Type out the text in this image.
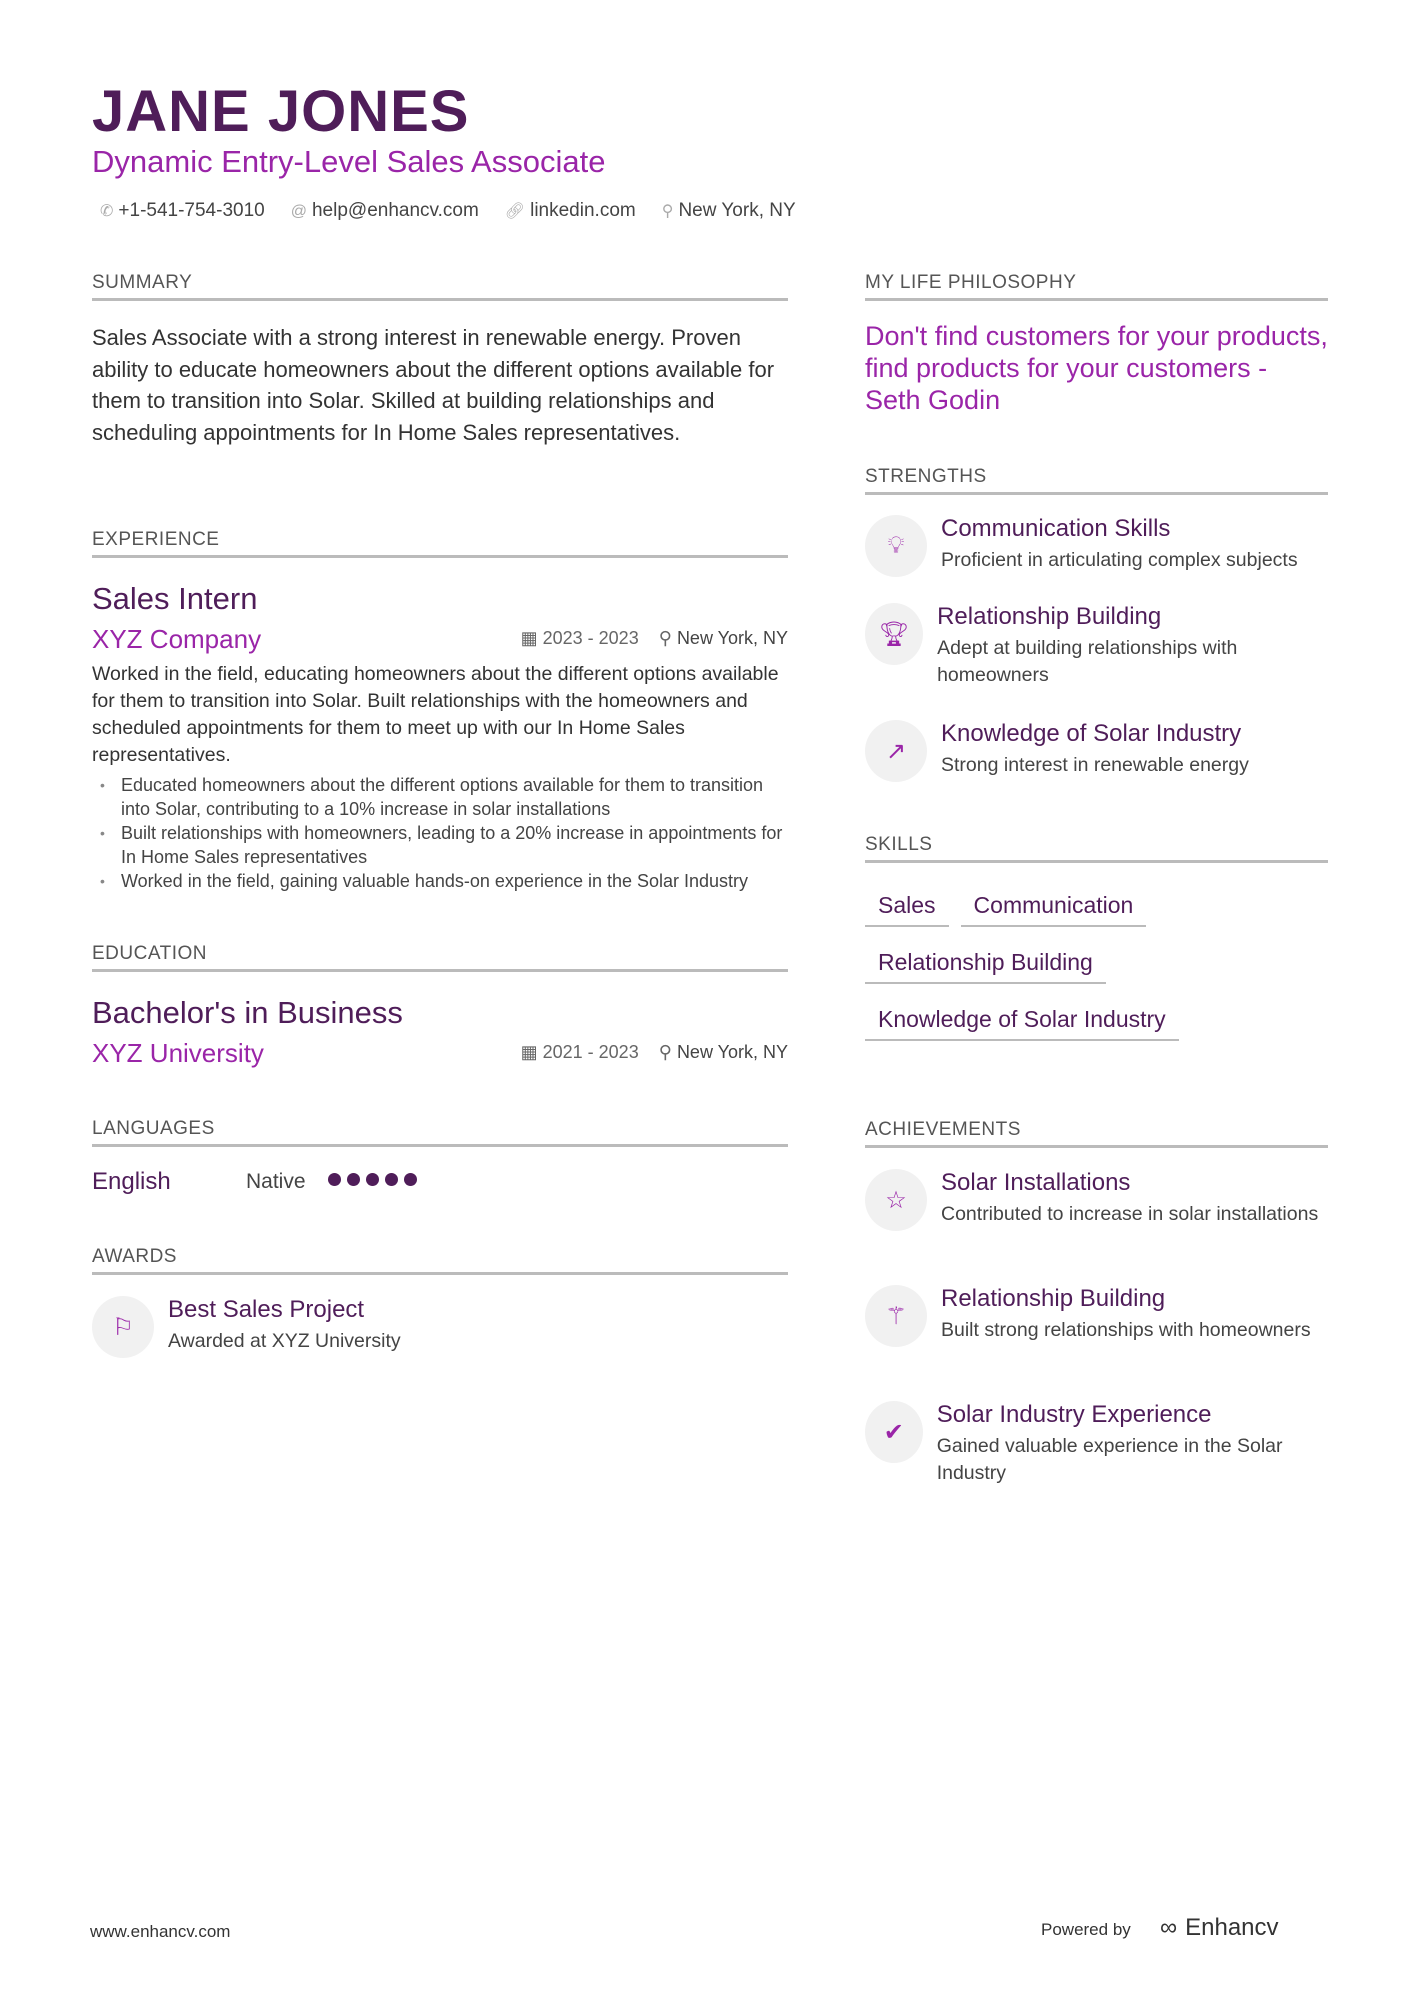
JANE JONES
Dynamic Entry-Level Sales Associate
✆ +1-541-754-3010 @ help@enhancv.com 🔗︎ linkedin.com ⚲ New York, NY
SUMMARY
Sales Associate with a strong interest in renewable energy. Proven ability to educate homeowners about the different options available for them to transition into Solar. Skilled at building relationships and scheduling appointments for In Home Sales representatives.
EXPERIENCE
Sales Intern
XYZ Company	▦ 2023 - 2023 ⚲ New York, NY
Worked in the field, educating homeowners about the different options available for them to transition into Solar. Built relationships with the homeowners and scheduled appointments for them to meet up with our In Home Sales representatives.
• Educated homeowners about the different options available for them to transition into Solar, contributing to a 10% increase in solar installations
• Built relationships with homeowners, leading to a 20% increase in appointments for In Home Sales representatives
• Worked in the field, gaining valuable hands-on experience in the Solar Industry
EDUCATION
Bachelor's in Business
XYZ University	▦ 2021 - 2023 ⚲ New York, NY
LANGUAGES
English	Native
AWARDS
⚐
Best Sales Project
Awarded at XYZ University
MY LIFE PHILOSOPHY
Don't find customers for your products, find products for your customers - Seth Godin
STRENGTHS
💡︎
Communication Skills
Proficient in articulating complex subjects
🏆︎
Relationship Building
Adept at building relationships with homeowners
↗
Knowledge of Solar Industry
Strong interest in renewable energy
SKILLS
Sales Communication
Relationship Building
Knowledge of Solar Industry
ACHIEVEMENTS
☆
Solar Installations
Contributed to increase in solar installations
⚚
Relationship Building
Built strong relationships with homeowners
✔
Solar Industry Experience
Gained valuable experience in the Solar Industry
www.enhancv.com	Powered by ∞ Enhancv
